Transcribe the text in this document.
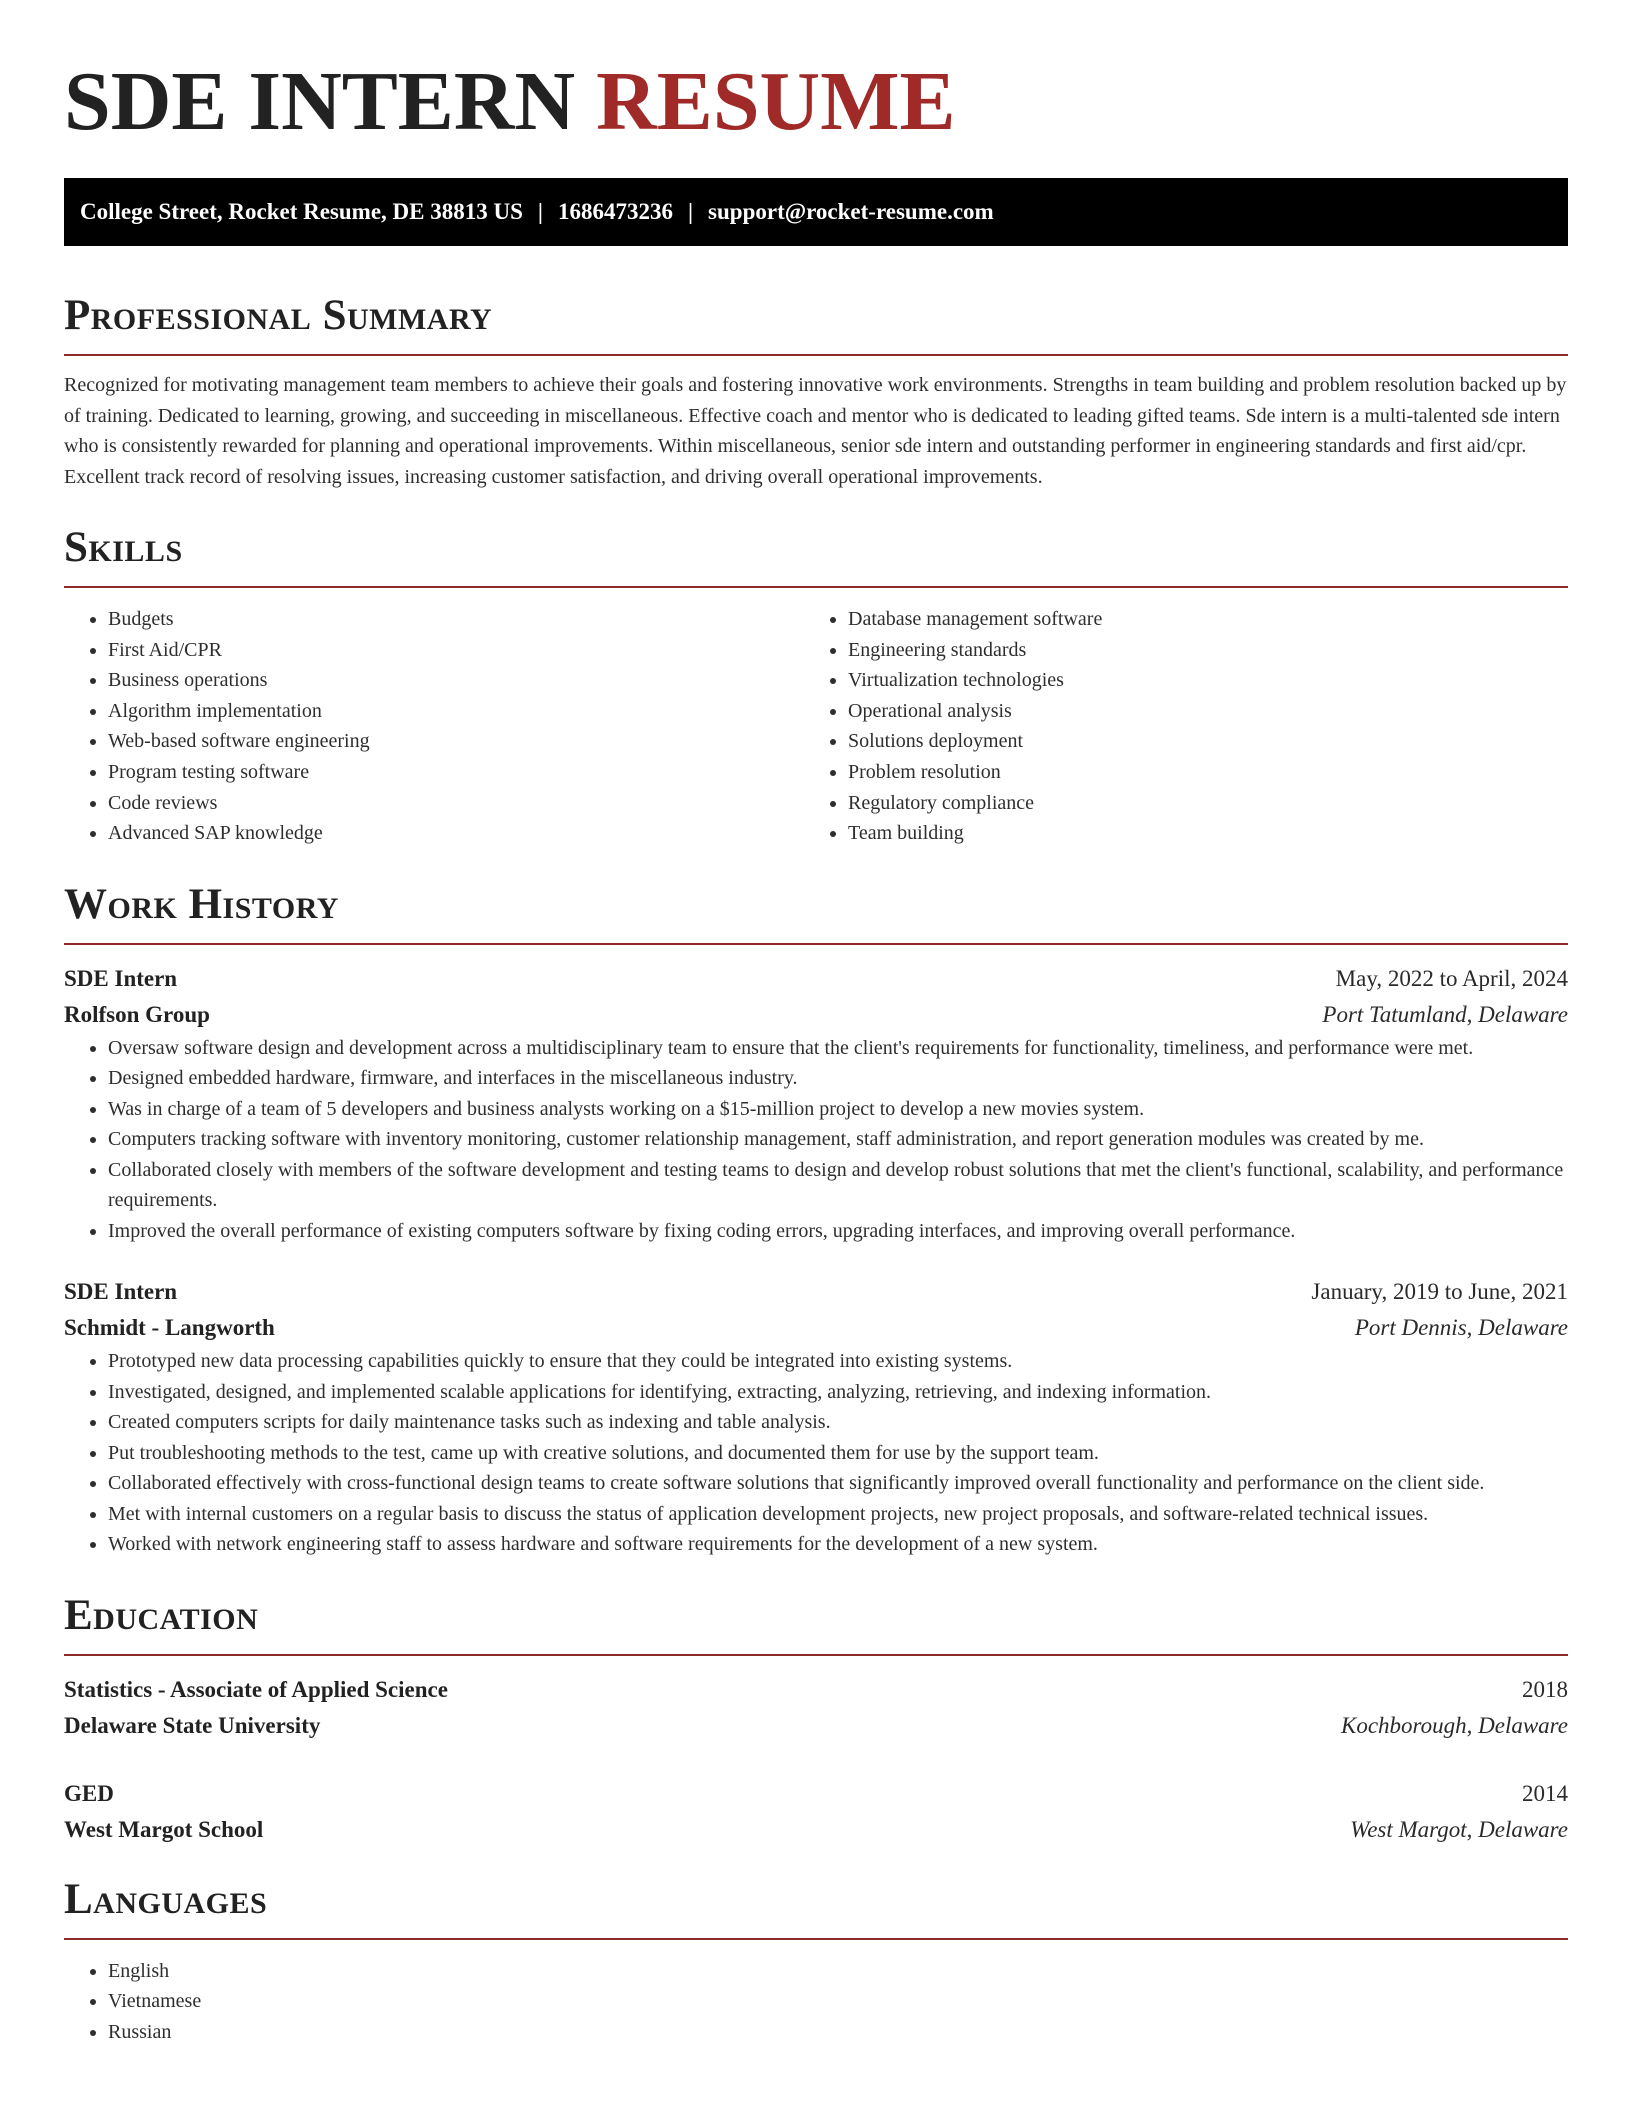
SDE INTERN RESUME
College Street, Rocket Resume, DE 38813 US | 1686473236 | support@rocket-resume.com
Professional Summary

Recognized for motivating management team members to achieve their goals and fostering innovative work environments. Strengths in team building and problem resolution backed up by of training. Dedicated to learning, growing, and succeeding in miscellaneous. Effective coach and mentor who is dedicated to leading gifted teams. Sde intern is a multi-talented sde intern who is consistently rewarded for planning and operational improvements. Within miscellaneous, senior sde intern and outstanding performer in engineering standards and first aid/cpr. Excellent track record of resolving issues, increasing customer satisfaction, and driving overall operational improvements.

Skills
• Budgets
• First Aid/CPR
• Business operations
• Algorithm implementation
• Web-based software engineering
• Program testing software
• Code reviews
• Advanced SAP knowledge
• Database management software
• Engineering standards
• Virtualization technologies
• Operational analysis
• Solutions deployment
• Problem resolution
• Regulatory compliance
• Team building
Work History
SDE Intern	May, 2022 to April, 2024
Rolfson Group	Port Tatumland, Delaware
• Oversaw software design and development across a multidisciplinary team to ensure that the client's requirements for functionality, timeliness, and performance were met.
• Designed embedded hardware, firmware, and interfaces in the miscellaneous industry.
• Was in charge of a team of 5 developers and business analysts working on a $15-million project to develop a new movies system.
• Computers tracking software with inventory monitoring, customer relationship management, staff administration, and report generation modules was created by me.
• Collaborated closely with members of the software development and testing teams to design and develop robust solutions that met the client's functional, scalability, and performance requirements.
• Improved the overall performance of existing computers software by fixing coding errors, upgrading interfaces, and improving overall performance.
SDE Intern	January, 2019 to June, 2021
Schmidt - Langworth	Port Dennis, Delaware
• Prototyped new data processing capabilities quickly to ensure that they could be integrated into existing systems.
• Investigated, designed, and implemented scalable applications for identifying, extracting, analyzing, retrieving, and indexing information.
• Created computers scripts for daily maintenance tasks such as indexing and table analysis.
• Put troubleshooting methods to the test, came up with creative solutions, and documented them for use by the support team.
• Collaborated effectively with cross-functional design teams to create software solutions that significantly improved overall functionality and performance on the client side.
• Met with internal customers on a regular basis to discuss the status of application development projects, new project proposals, and software-related technical issues.
• Worked with network engineering staff to assess hardware and software requirements for the development of a new system.
Education
Statistics - Associate of Applied Science	2018
Delaware State University	Kochborough, Delaware
GED	2014
West Margot School	West Margot, Delaware
Languages
• English
• Vietnamese
• Russian
